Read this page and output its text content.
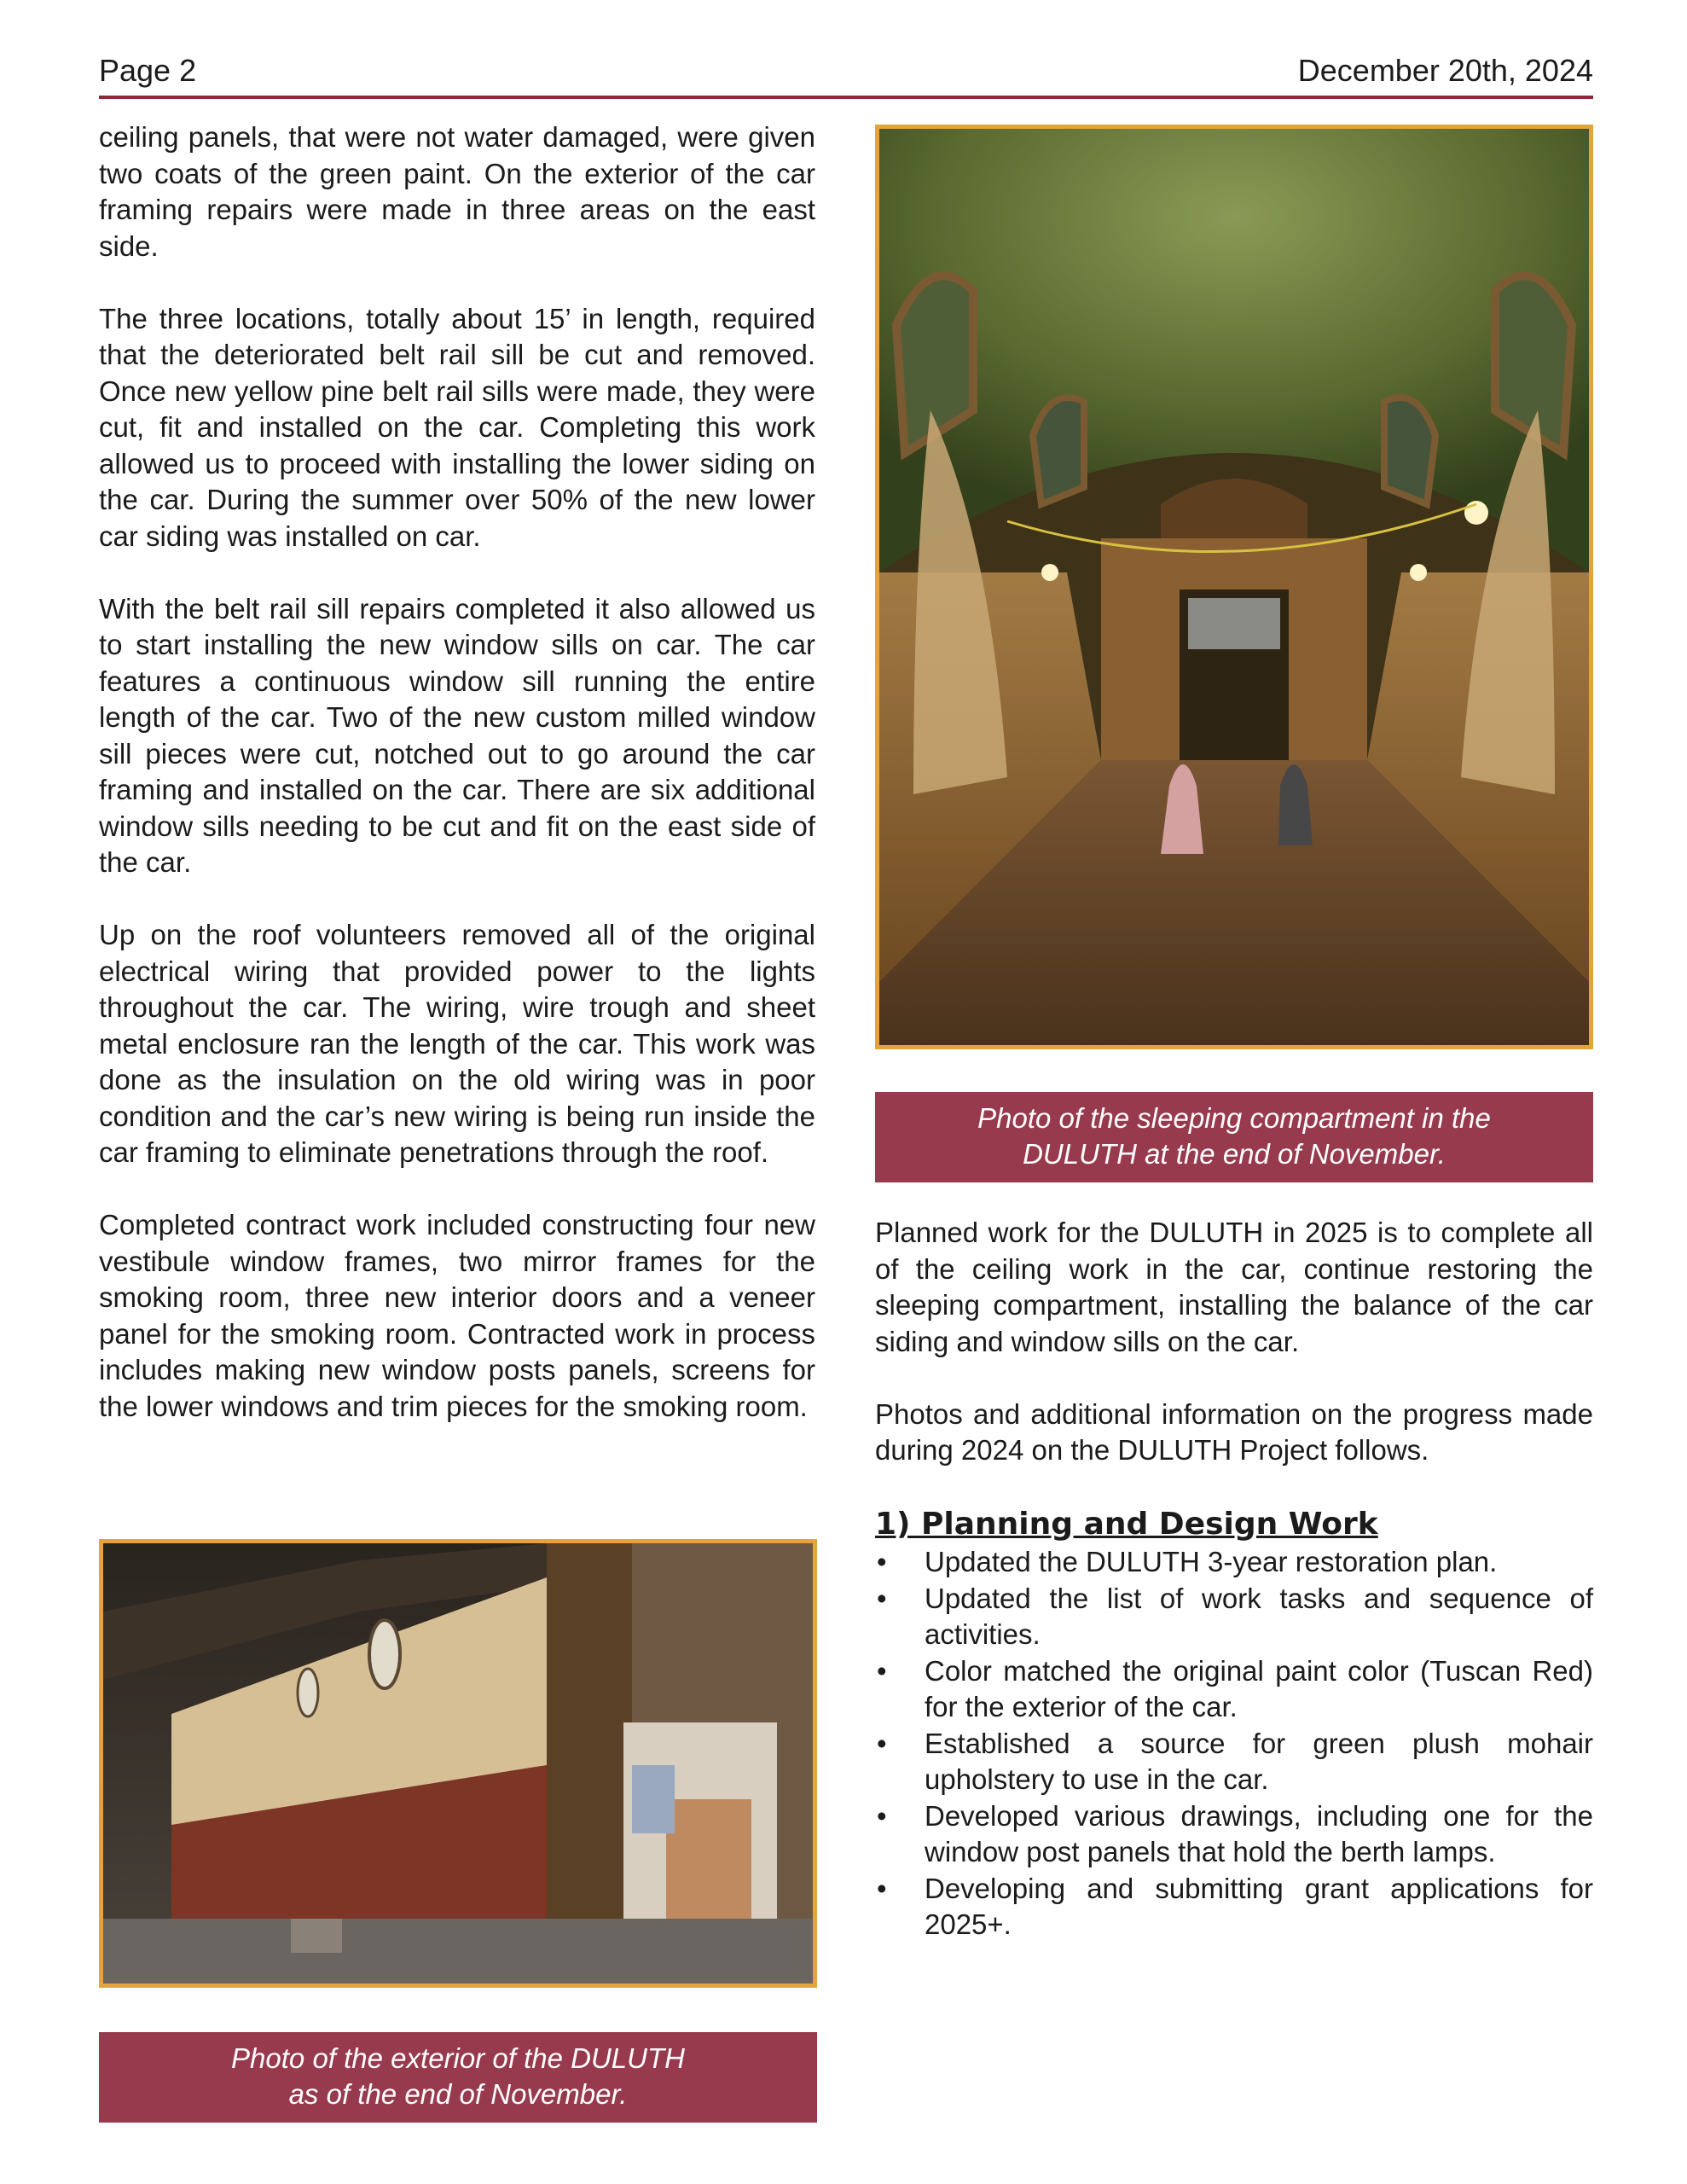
Page 2	December 20th, 2024

ceiling panels, that were not water damaged, were given two coats of the green paint. On the exterior of the car framing repairs were made in three areas on the east side.

The three locations, totally about 15’ in length, required that the deteriorated belt rail sill be cut and removed. Once new yellow pine belt rail sills were made, they were cut, fit and installed on the car. Completing this work allowed us to proceed with installing the lower siding on the car. During the summer over 50% of the new lower car siding was installed on car.

With the belt rail sill repairs completed it also allowed us to start installing the new window sills on car. The car features a continuous window sill running the entire length of the car. Two of the new custom milled window sill pieces were cut, notched out to go around the car framing and installed on the car. There are six additional window sills needing to be cut and fit on the east side of the car.

Up on the roof volunteers removed all of the original electrical wiring that provided power to the lights throughout the car. The wiring, wire trough and sheet metal enclosure ran the length of the car. This work was done as the insulation on the old wiring was in poor condition and the car’s new wiring is being run inside the car framing to eliminate penetrations through the roof.

Completed contract work included constructing four new vestibule window frames, two mirror frames for the smoking room, three new interior doors and a veneer panel for the smoking room. Contracted work in process includes making new window posts panels, screens for the lower windows and trim pieces for the smoking room.

Photo of the sleeping compartment in the
DULUTH at the end of November.
Photo of the exterior of the DULUTH
as of the end of November.

Planned work for the DULUTH in 2025 is to complete all of the ceiling work in the car, continue restoring the sleeping compartment, installing the balance of the car siding and window sills on the car.

Photos and additional information on the progress made during 2024 on the DULUTH Project follows.

1) Planning and Design Work
• Updated the DULUTH 3-year restoration plan.
• Updated the list of work tasks and sequence of activities.
• Color matched the original paint color (Tuscan Red) for the exterior of the car.
• Established a source for green plush mohair upholstery to use in the car.
• Developed various drawings, including one for the window post panels that hold the berth lamps.
• Developing and submitting grant applications for 2025+.
